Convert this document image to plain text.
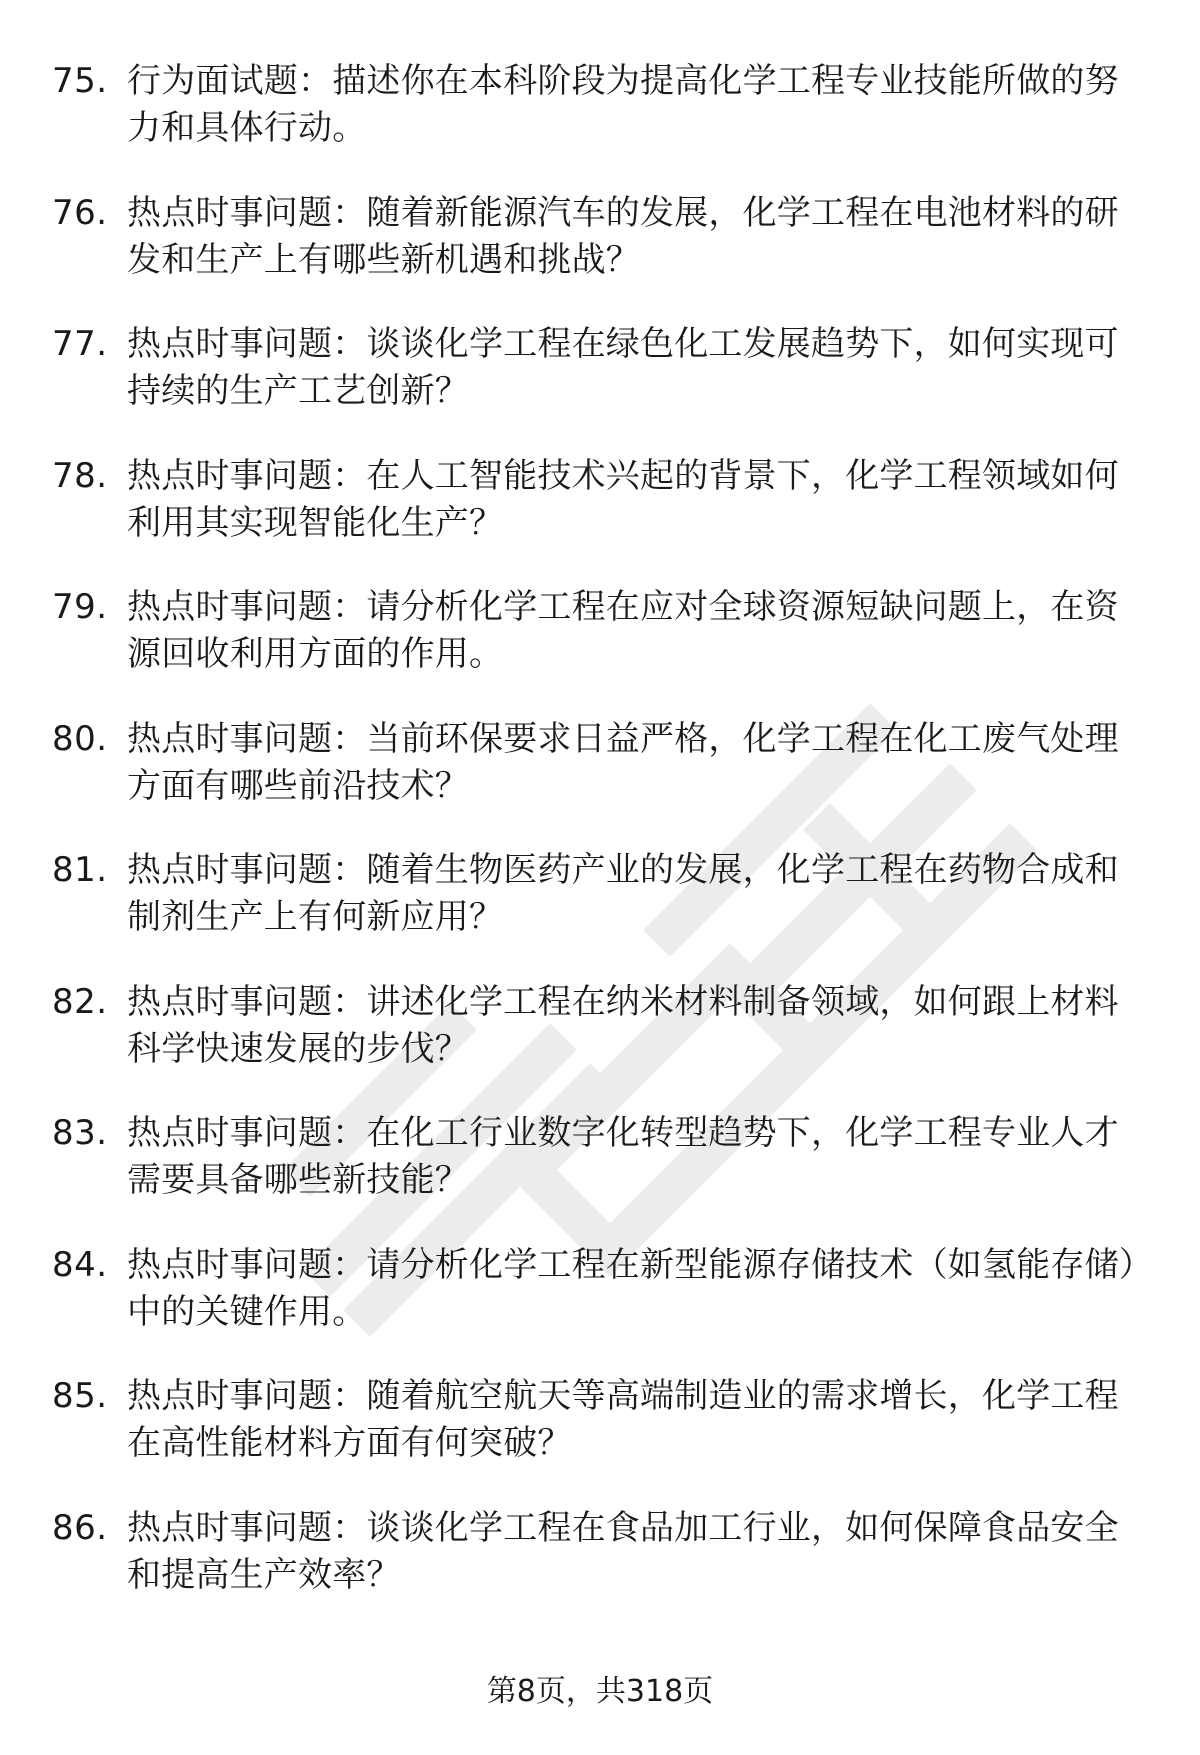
75. 行为面试题：描述你在本科阶段为提高化学工程专业技能所做的努力和具体行动。
76. 热点时事问题：随着新能源汽车的发展，化学工程在电池材料的研发和生产上有哪些新机遇和挑战？
77. 热点时事问题：谈谈化学工程在绿色化工发展趋势下，如何实现可持续的生产工艺创新？
78. 热点时事问题：在人工智能技术兴起的背景下，化学工程领域如何利用其实现智能化生产？
79. 热点时事问题：请分析化学工程在应对全球资源短缺问题上，在资源回收利用方面的作用。
80. 热点时事问题：当前环保要求日益严格，化学工程在化工废气处理方面有哪些前沿技术？
81. 热点时事问题：随着生物医药产业的发展，化学工程在药物合成和制剂生产上有何新应用？
82. 热点时事问题：讲述化学工程在纳米材料制备领域，如何跟上材料科学快速发展的步伐？
83. 热点时事问题：在化工行业数字化转型趋势下，化学工程专业人才需要具备哪些新技能？
84. 热点时事问题：请分析化学工程在新型能源存储技术（如氢能存储）中的关键作用。
85. 热点时事问题：随着航空航天等高端制造业的需求增长，化学工程在高性能材料方面有何突破？
86. 热点时事问题：谈谈化学工程在食品加工行业，如何保障食品安全和提高生产效率？
第8页，共318页
